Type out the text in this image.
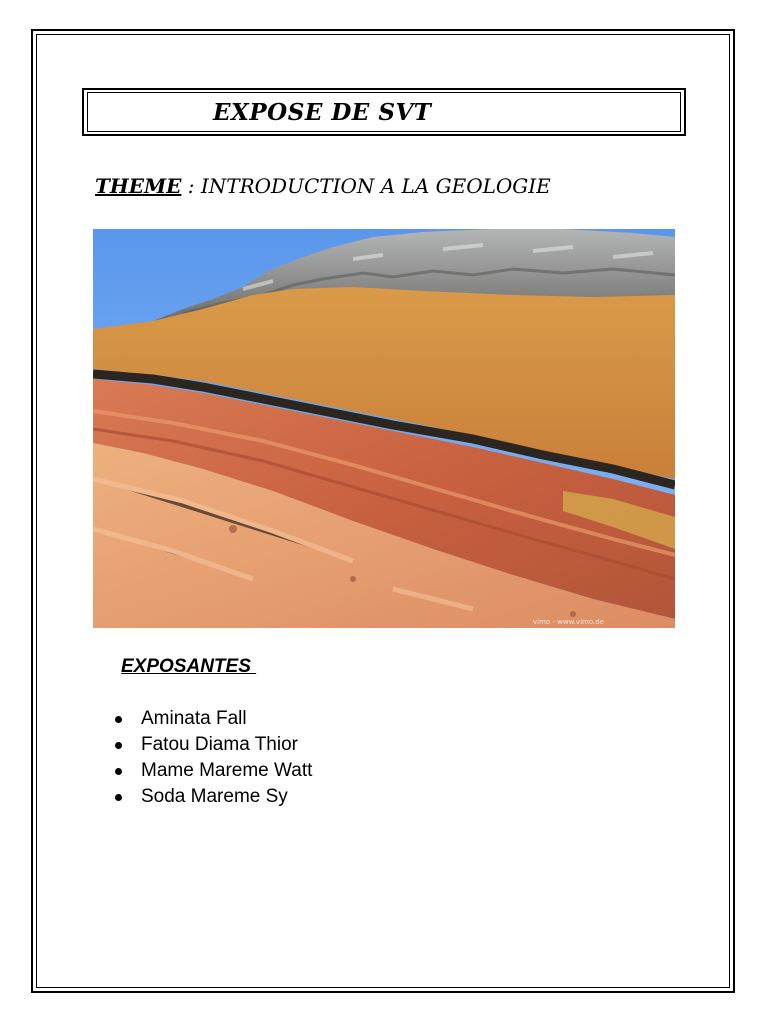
EXPOSE DE SVT
THEME : INTRODUCTION A LA GEOLOGIE
vimo - www.vimo.de
EXPOSANTES
Aminata Fall
Fatou Diama Thior
Mame Mareme Watt
Soda Mareme Sy
